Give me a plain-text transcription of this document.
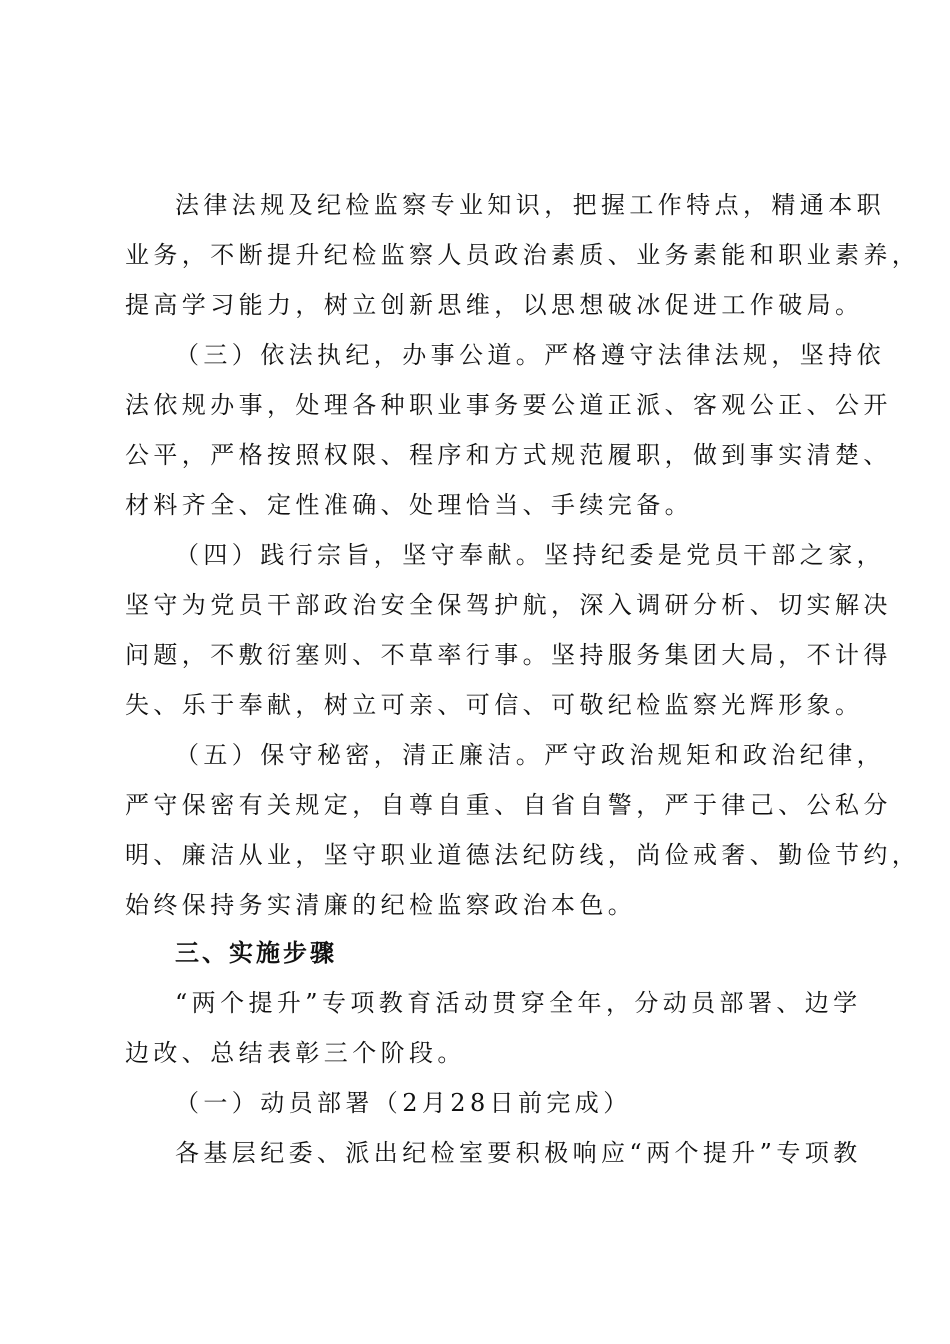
法律法规及纪检监察专业知识，把握工作特点，精通本职
业务，不断提升纪检监察人员政治素质、业务素能和职业素养，
提高学习能力，树立创新思维，以思想破冰促进工作破局。
（三）依法执纪，办事公道。严格遵守法律法规，坚持依
法依规办事，处理各种职业事务要公道正派、客观公正、公开
公平，严格按照权限、程序和方式规范履职，做到事实清楚、
材料齐全、定性准确、处理恰当、手续完备。
（四）践行宗旨，坚守奉献。坚持纪委是党员干部之家，
坚守为党员干部政治安全保驾护航，深入调研分析、切实解决
问题，不敷衍塞则、不草率行事。坚持服务集团大局，不计得
失、乐于奉献，树立可亲、可信、可敬纪检监察光辉形象。
（五）保守秘密，清正廉洁。严守政治规矩和政治纪律，
严守保密有关规定，自尊自重、自省自警，严于律己、公私分
明、廉洁从业，坚守职业道德法纪防线，尚俭戒奢、勤俭节约，
始终保持务实清廉的纪检监察政治本色。
三、实施步骤
“两个提升”专项教育活动贯穿全年，分动员部署、边学
边改、总结表彰三个阶段。
（一）动员部署（2月28日前完成）
各基层纪委、派出纪检室要积极响应“两个提升”专项教
